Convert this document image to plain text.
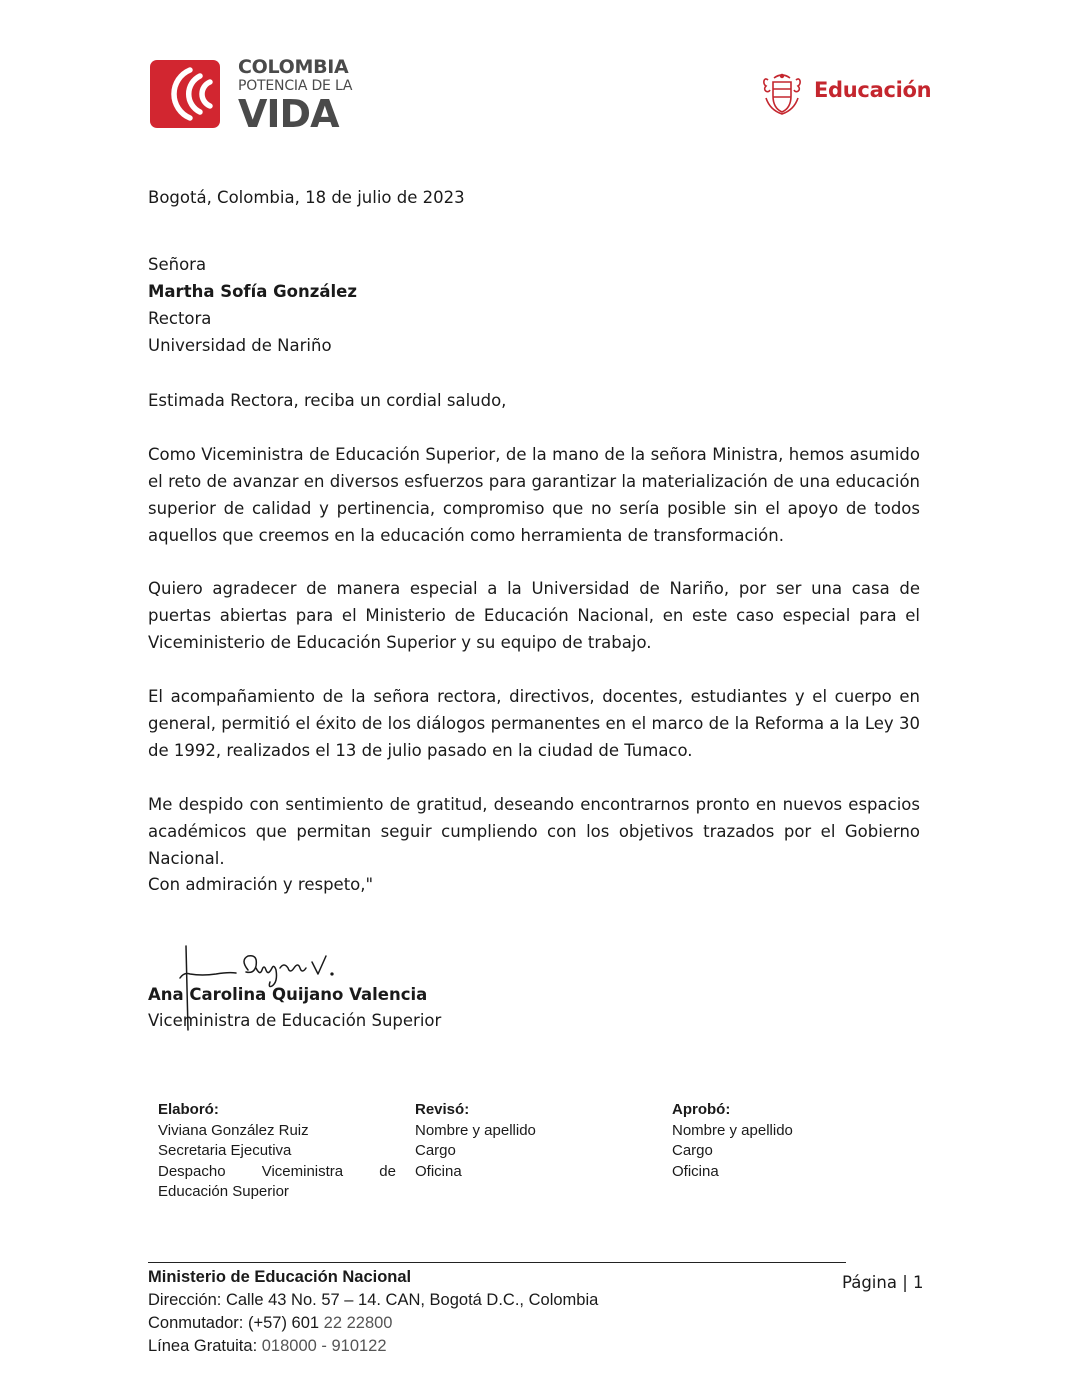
COLOMBIA
POTENCIA DE LA
VIDA
Educación
Bogotá, Colombia, 18 de julio de 2023
Señora
Martha Sofía González
Rectora
Universidad de Nariño
Estimada Rectora, reciba un cordial saludo,
Como Viceministra de Educación Superior, de la mano de la señora Ministra, hemos asumido el reto de avanzar en diversos esfuerzos para garantizar la materialización de una educación superior de calidad y pertinencia, compromiso que no sería posible sin el apoyo de todos aquellos que creemos en la educación como herramienta de transformación.
Quiero agradecer de manera especial a la Universidad de Nariño, por ser una casa de puertas abiertas para el Ministerio de Educación Nacional, en este caso especial para el Viceministerio de Educación Superior y su equipo de trabajo.
El acompañamiento de la señora rectora, directivos, docentes, estudiantes y el cuerpo en general, permitió el éxito de los diálogos permanentes en el marco de la Reforma a la Ley 30 de 1992, realizados el 13 de julio pasado en la ciudad de Tumaco.
Me despido con sentimiento de gratitud, deseando encontrarnos pronto en nuevos espacios académicos que permitan seguir cumpliendo con los objetivos trazados por el Gobierno Nacional.
Con admiración y respeto,"
Ana Carolina Quijano Valencia
Viceministra de Educación Superior
Elaboró:
Viviana González Ruiz
Secretaria Ejecutiva
Despacho Viceministra de
Educación Superior
Revisó:
Nombre y apellido
Cargo
Oficina
Aprobó:
Nombre y apellido
Cargo
Oficina
Ministerio de Educación Nacional
Dirección: Calle 43 No. 57 – 14. CAN, Bogotá D.C., Colombia
Conmutador: (+57) 601 22 22800
Línea Gratuita: 018000 - 910122
Página | 1
